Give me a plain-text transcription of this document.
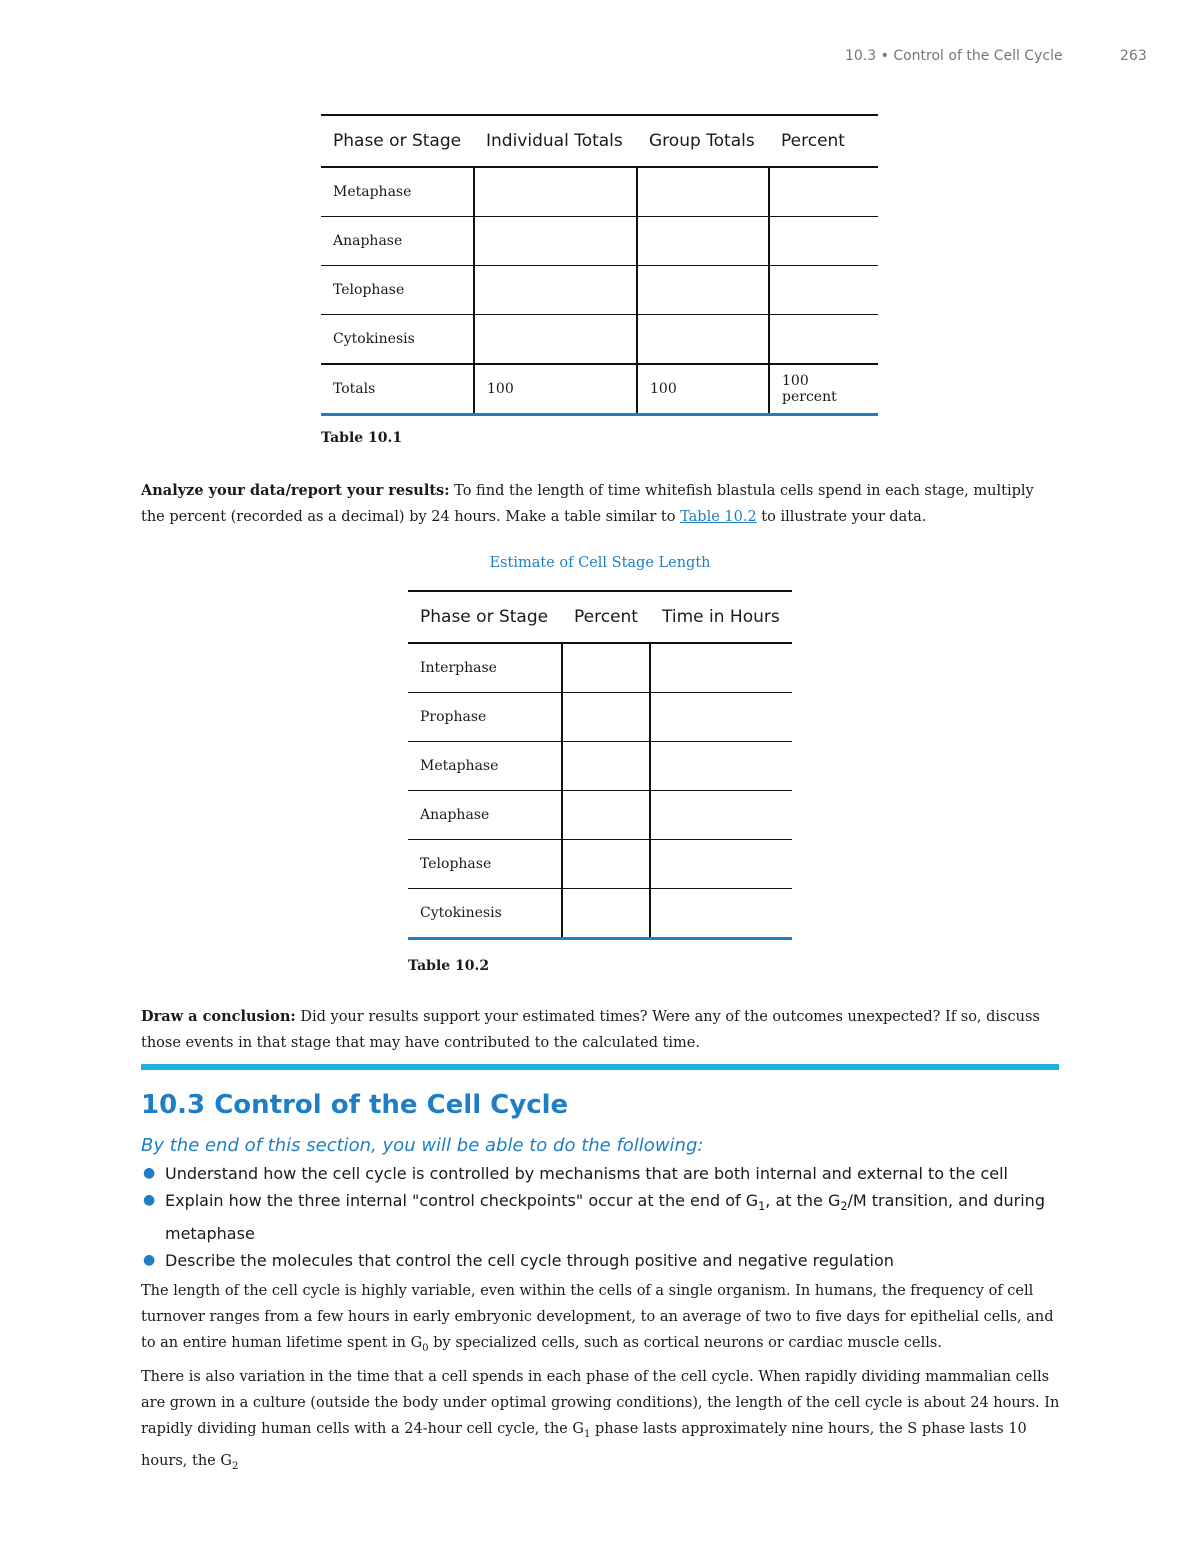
10.3 • Control of the Cell Cycle	263
Phase or Stage	Individual Totals	Group Totals	Percent
Metaphase			
Anaphase			
Telophase			
Cytokinesis			
Totals	100	100	100 percent
Table 10.1
Analyze your data/report your results: To find the length of time whitefish blastula cells spend in each stage, multiply the percent (recorded as a decimal) by 24 hours. Make a table similar to Table 10.2 to illustrate your data.
Estimate of Cell Stage Length
Phase or Stage	Percent	Time in Hours
Interphase		
Prophase		
Metaphase		
Anaphase		
Telophase		
Cytokinesis		
Table 10.2
Draw a conclusion: Did your results support your estimated times? Were any of the outcomes unexpected? If so, discuss those events in that stage that may have contributed to the calculated time.
10.3 Control of the Cell Cycle
By the end of this section, you will be able to do the following:
● Understand how the cell cycle is controlled by mechanisms that are both internal and external to the cell
● Explain how the three internal "control checkpoints" occur at the end of $G_1$, at the $G_2/M$ transition, and during metaphase
● Describe the molecules that control the cell cycle through positive and negative regulation
The length of the cell cycle is highly variable, even within the cells of a single organism. In humans, the frequency of cell turnover ranges from a few hours in early embryonic development, to an average of two to five days for epithelial cells, and to an entire human lifetime spent in $G_0$ by specialized cells, such as cortical neurons or cardiac muscle cells.
There is also variation in the time that a cell spends in each phase of the cell cycle. When rapidly dividing mammalian cells are grown in a culture (outside the body under optimal growing conditions), the length of the cell cycle is about 24 hours. In rapidly dividing human cells with a 24-hour cell cycle, the $G_1$ phase lasts approximately nine hours, the S phase lasts 10 hours, the $G_2$
